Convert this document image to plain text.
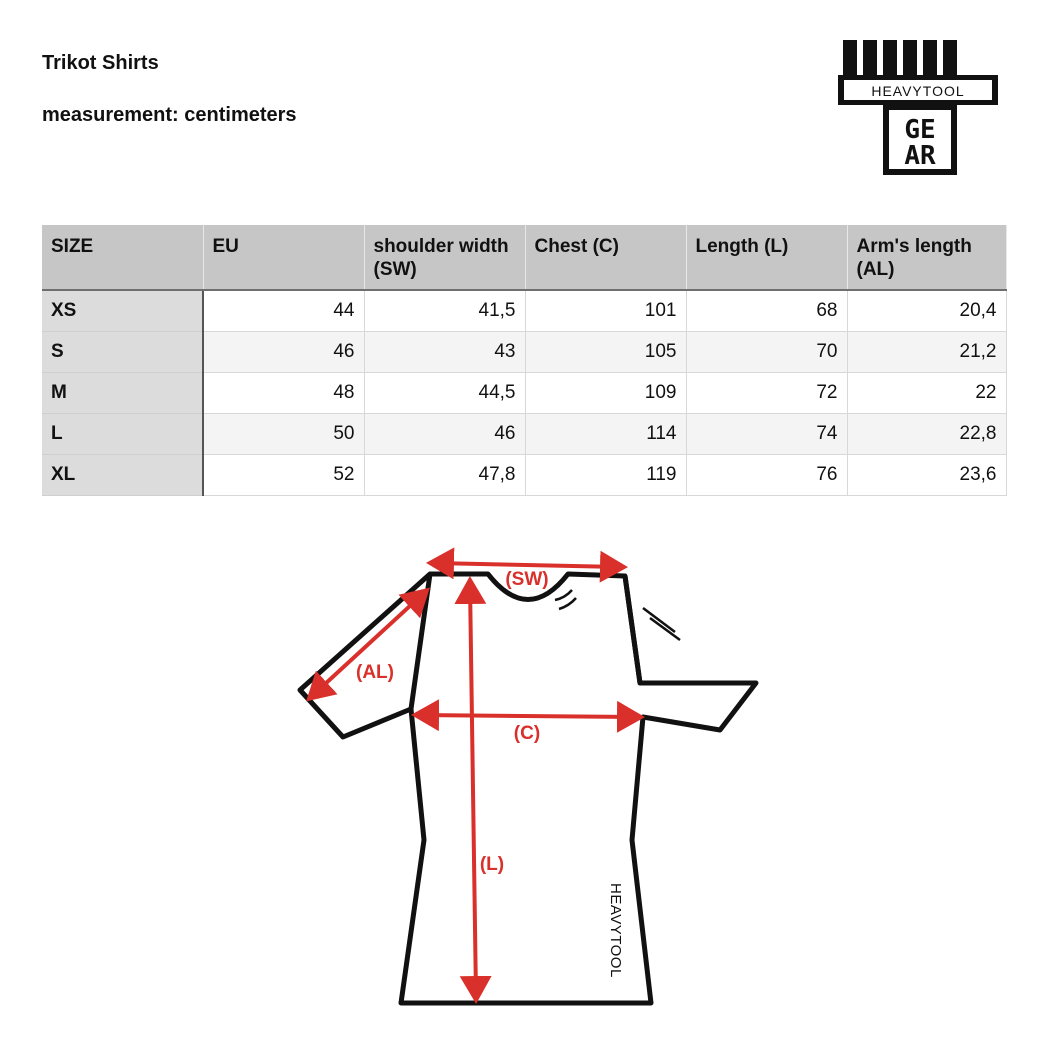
Trikot Shirts
measurement: centimeters
HEAVYTOOL
GE
AR
SIZE	EU	shoulder width (SW)	Chest (C)	Length (L)	Arm's length (AL)
XS	44	41,5	101	68	20,4
S	46	43	105	70	21,2
M	48	44,5	109	72	22
L	50	46	114	74	22,8
XL	52	47,8	119	76	23,6
(SW)
(AL)
(C)
(L)
HEAVYTOOL
